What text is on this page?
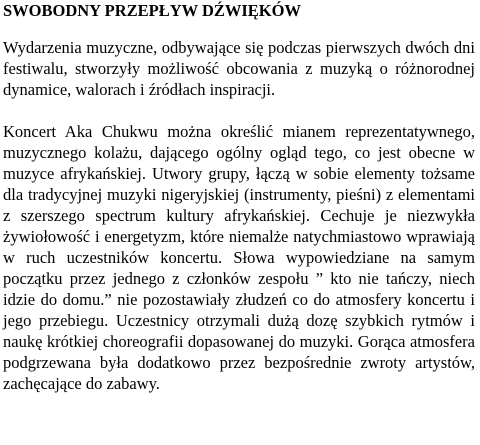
SWOBODNY PRZEPŁYW DŹWIĘKÓW

Wydarzenia muzyczne, odbywające się podczas pierwszych dwóch dni festiwalu, stworzyły możliwość obcowania z muzyką o różnorodnej dynamice, walorach i źródłach inspiracji.

Koncert Aka Chukwu można określić mianem reprezentatywnego, muzycznego kolażu, dającego ogólny ogląd tego, co jest obecne w muzyce afrykańskiej. Utwory grupy, łączą w sobie elementy tożsame dla tradycyjnej muzyki nigeryjskiej (instrumenty, pieśni) z elementami z szerszego spectrum kultury afrykańskiej. Cechuje je niezwykła żywiołowość i energetyzm, które niemalże natychmiastowo wprawiają w ruch uczestników koncertu. Słowa wypowiedziane na samym początku przez jednego z członków zespołu ” kto nie tańczy, niech idzie do domu.” nie pozostawiały złudzeń co do atmosfery koncertu i jego przebiegu. Uczestnicy otrzymali dużą dozę szybkich rytmów i naukę krótkiej choreografii dopasowanej do muzyki. Gorąca atmosfera podgrzewana była dodatkowo przez bezpośrednie zwroty artystów, zachęcające do zabawy.
